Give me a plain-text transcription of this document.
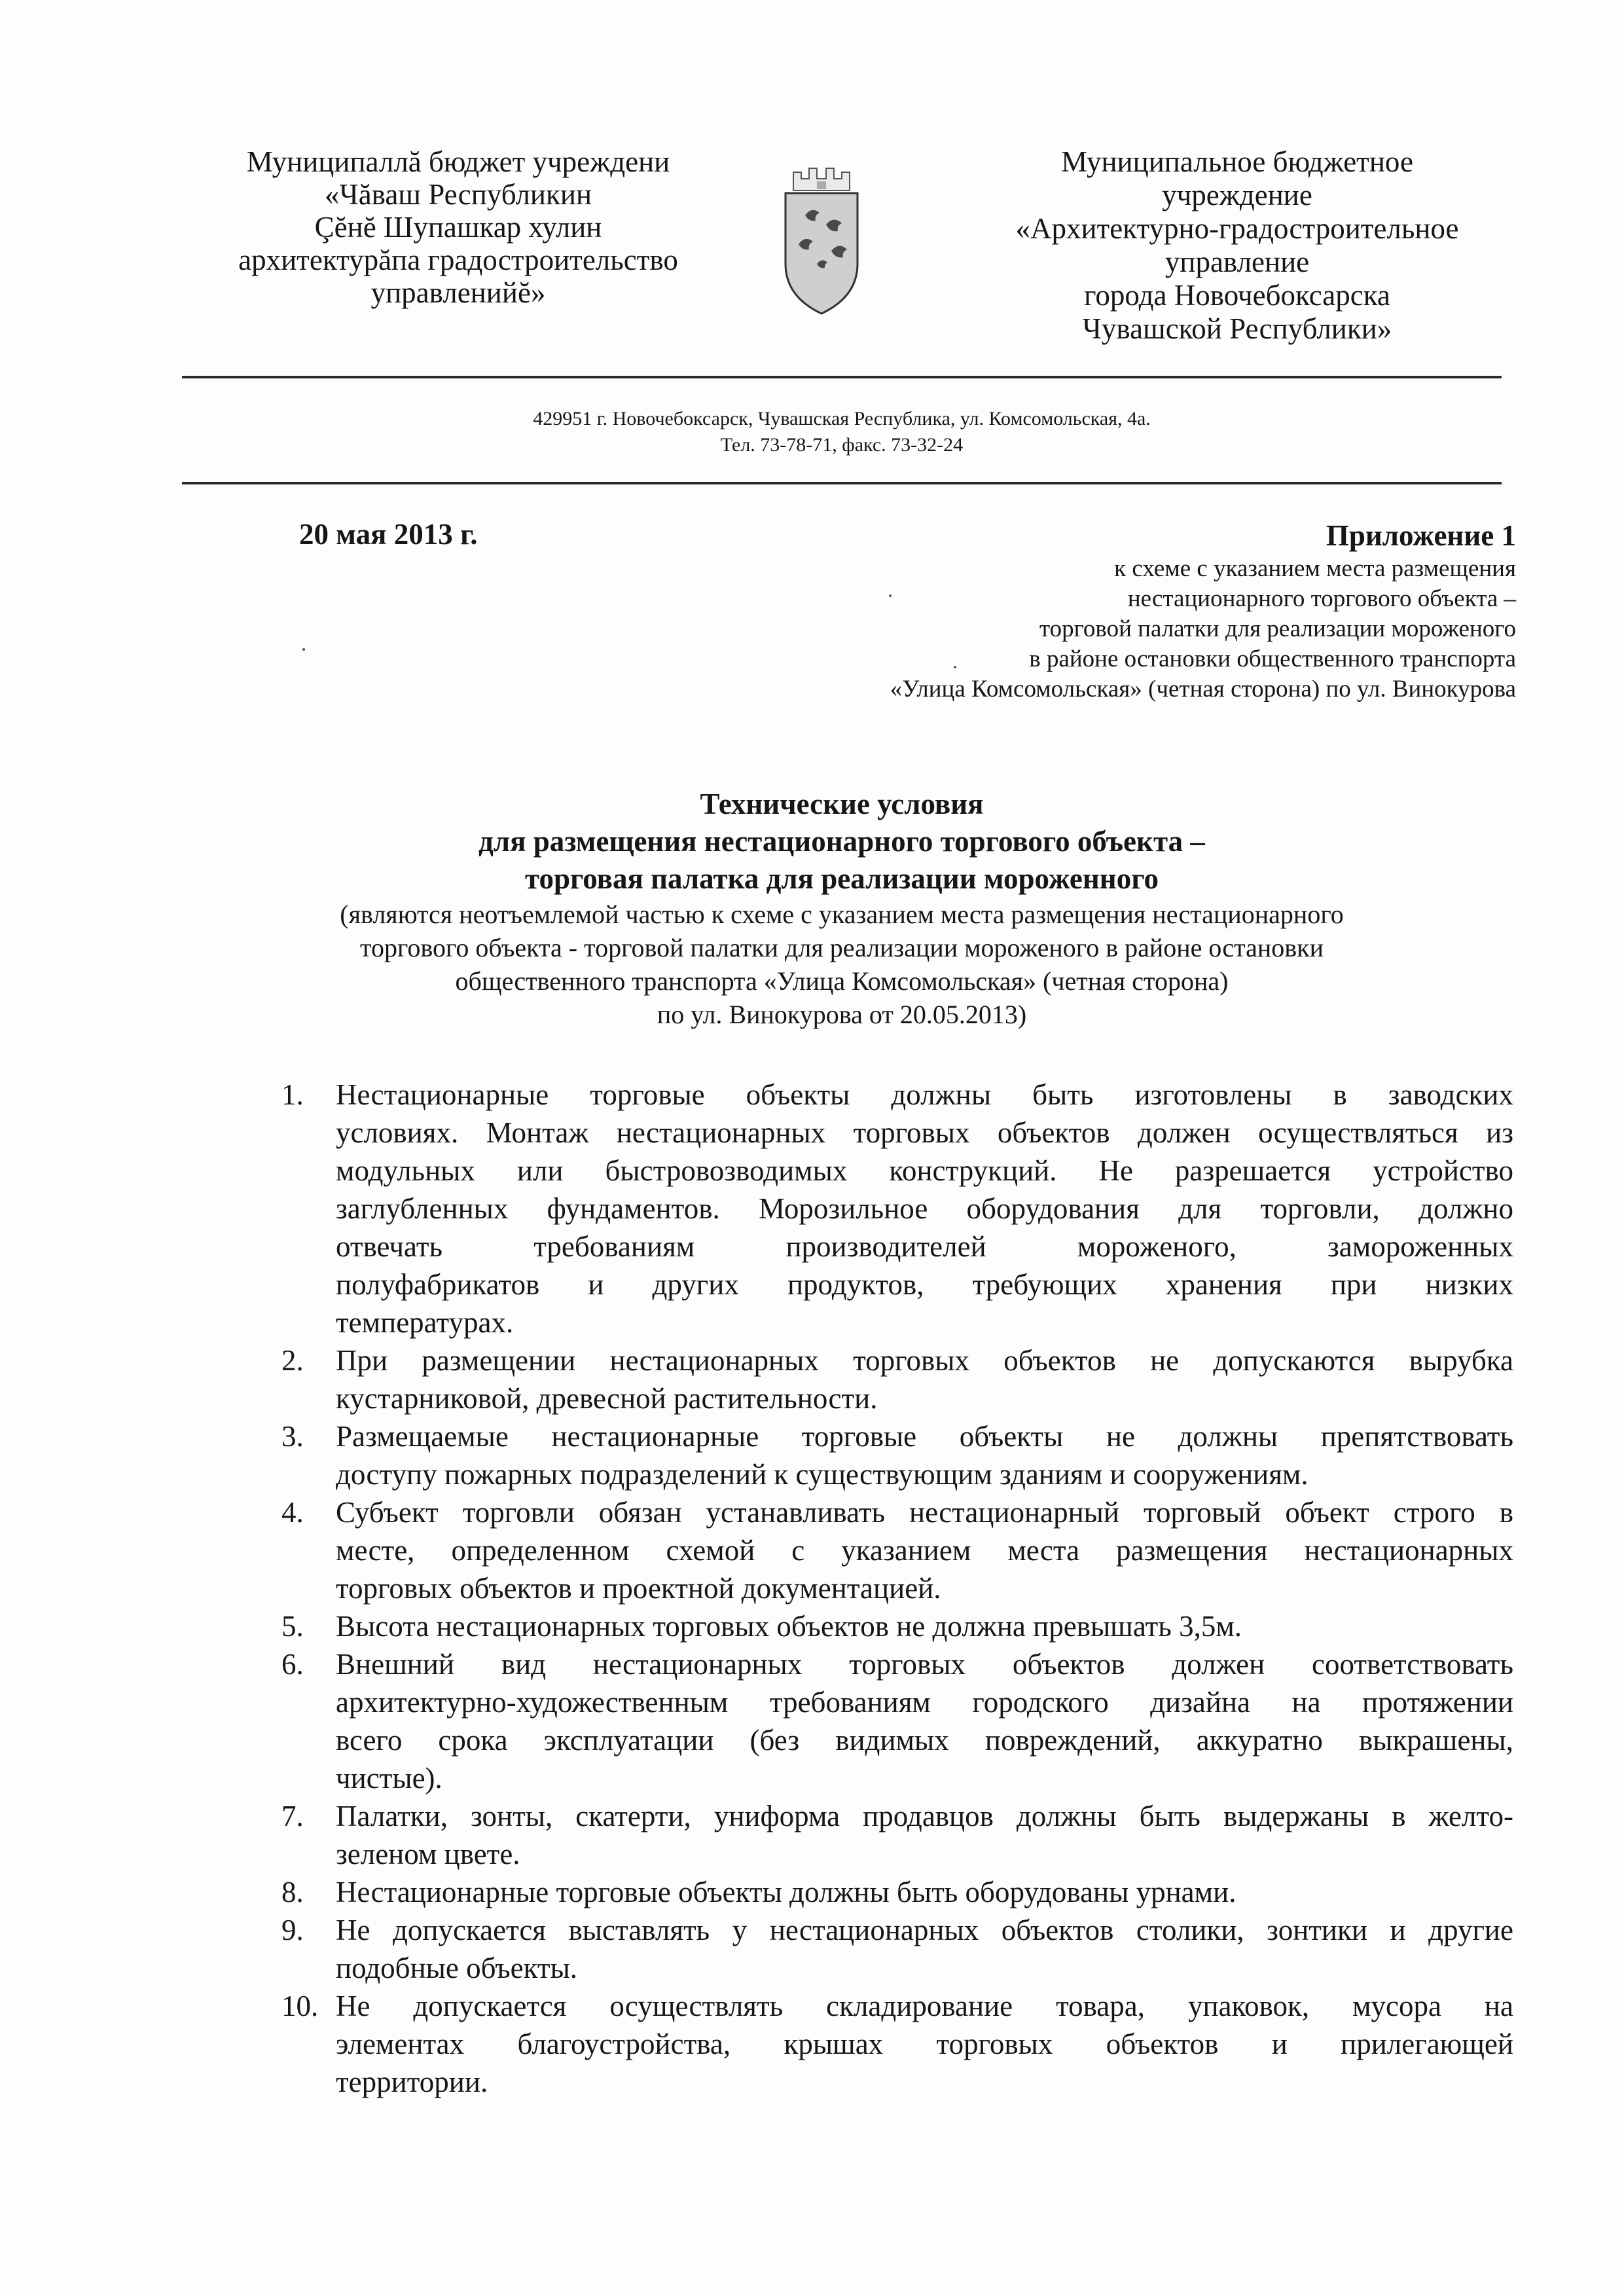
Муниципаллă бюджет учреждени
«Чăваш Республикин
Çĕнĕ Шупашкар хулин
архитектурăпа градостроительство
управленийĕ»
Муниципальное бюджетное
учреждение
«Архитектурно-градостроительное
управление
города Новочебоксарска
Чувашской Республики»
429951 г. Новочебоксарск, Чувашская Республика, ул. Комсомольская, 4а.
Тел. 73-78-71, факс. 73-32-24
20 мая 2013 г.	Приложение 1
к схеме с указанием места размещения
нестационарного торгового объекта –
торговой палатки для реализации мороженого
в районе остановки общественного транспорта
«Улица Комсомольская» (четная сторона) по ул. Винокурова
Технические условия
для размещения нестационарного торгового объекта –
торговая палатка для реализации мороженного
(являются неотъемлемой частью к схеме с указанием места размещения нестационарного
торгового объекта - торговой палатки для реализации мороженого в районе остановки
общественного транспорта «Улица Комсомольская» (четная сторона)
по ул. Винокурова от 20.05.2013)
1. Нестационарные торговые объекты должны быть изготовлены в заводских
условиях. Монтаж нестационарных торговых объектов должен осуществляться из
модульных или быстровозводимых конструкций. Не разрешается устройство
заглубленных фундаментов. Морозильное оборудования для торговли, должно
отвечать требованиям производителей мороженого, замороженных
полуфабрикатов и других продуктов, требующих хранения при низких
температурах.
2. При размещении нестационарных торговых объектов не допускаются вырубка
кустарниковой, древесной растительности.
3. Размещаемые нестационарные торговые объекты не должны препятствовать
доступу пожарных подразделений к существующим зданиям и сооружениям.
4. Субъект торговли обязан устанавливать нестационарный торговый объект строго в
месте, определенном схемой с указанием места размещения нестационарных
торговых объектов и проектной документацией.
5. Высота нестационарных торговых объектов не должна превышать 3,5м.
6. Внешний вид нестационарных торговых объектов должен соответствовать
архитектурно-художественным требованиям городского дизайна на протяжении
всего срока эксплуатации (без видимых повреждений, аккуратно выкрашены,
чистые).
7. Палатки, зонты, скатерти, униформа продавцов должны быть выдержаны в желто-
зеленом цвете.
8. Нестационарные торговые объекты должны быть оборудованы урнами.
9. Не допускается выставлять у нестационарных объектов столики, зонтики и другие
подобные объекты.
10. Не допускается осуществлять складирование товара, упаковок, мусора на
элементах благоустройства, крышах торговых объектов и прилегающей
территории.
